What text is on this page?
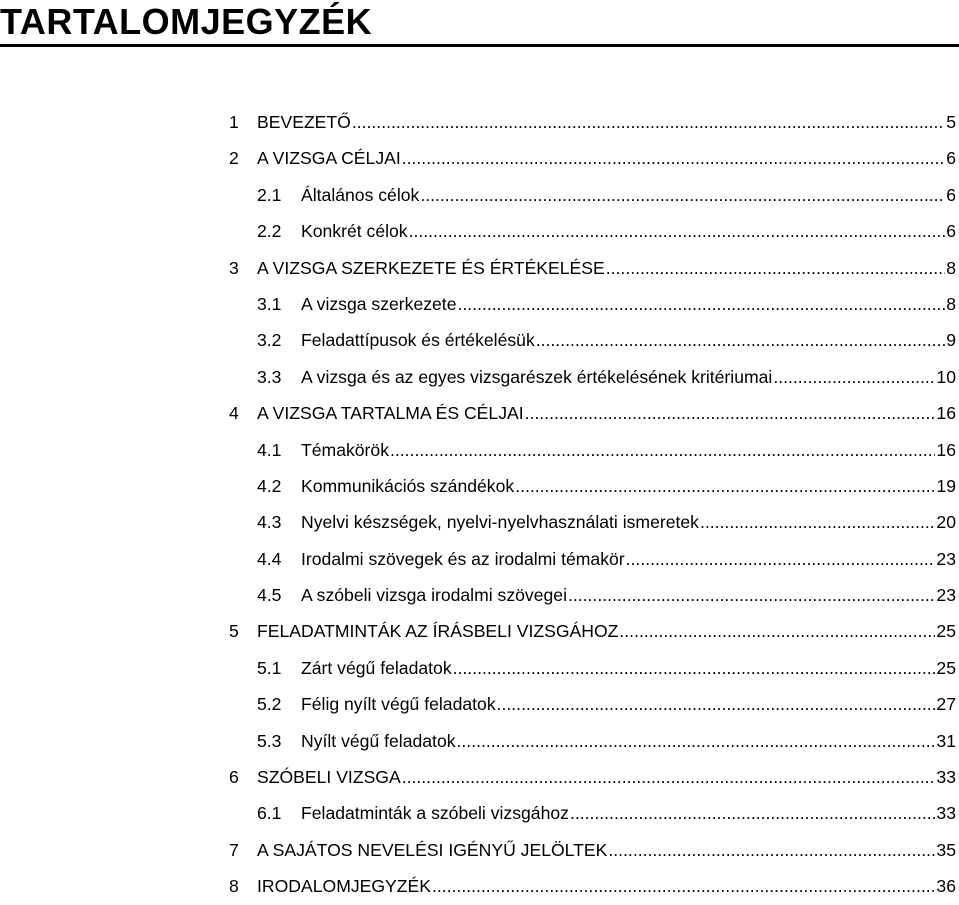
TARTALOMJEGYZÉK
1	BEVEZETŐ .....	5
2	A VIZSGA CÉLJAI .....	6
2.1	Általános célok .....	6
2.2	Konkrét célok .....	6
3	A VIZSGA SZERKEZETE ÉS ÉRTÉKELÉSE .....	8
3.1	A vizsga szerkezete .....	8
3.2	Feladattípusok és értékelésük .....	9
3.3	A vizsga és az egyes vizsgarészek értékelésének kritériumai .....	10
4	A VIZSGA TARTALMA ÉS CÉLJAI .....	16
4.1	Témakörök .....	16
4.2	Kommunikációs szándékok .....	19
4.3	Nyelvi készségek, nyelvi-nyelvhasználati ismeretek .....	20
4.4	Irodalmi szövegek és az irodalmi témakör .....	23
4.5	A szóbeli vizsga irodalmi szövegei .....	23
5	FELADATMINTÁK AZ ÍRÁSBELI VIZSGÁHOZ .....	25
5.1	Zárt végű feladatok .....	25
5.2	Félig nyílt végű feladatok .....	27
5.3	Nyílt végű feladatok .....	31
6	SZÓBELI VIZSGA .....	33
6.1	Feladatminták a szóbeli vizsgához .....	33
7	A SAJÁTOS NEVELÉSI IGÉNYŰ JELÖLTEK .....	35
8	IRODALOMJEGYZÉK .....	36
